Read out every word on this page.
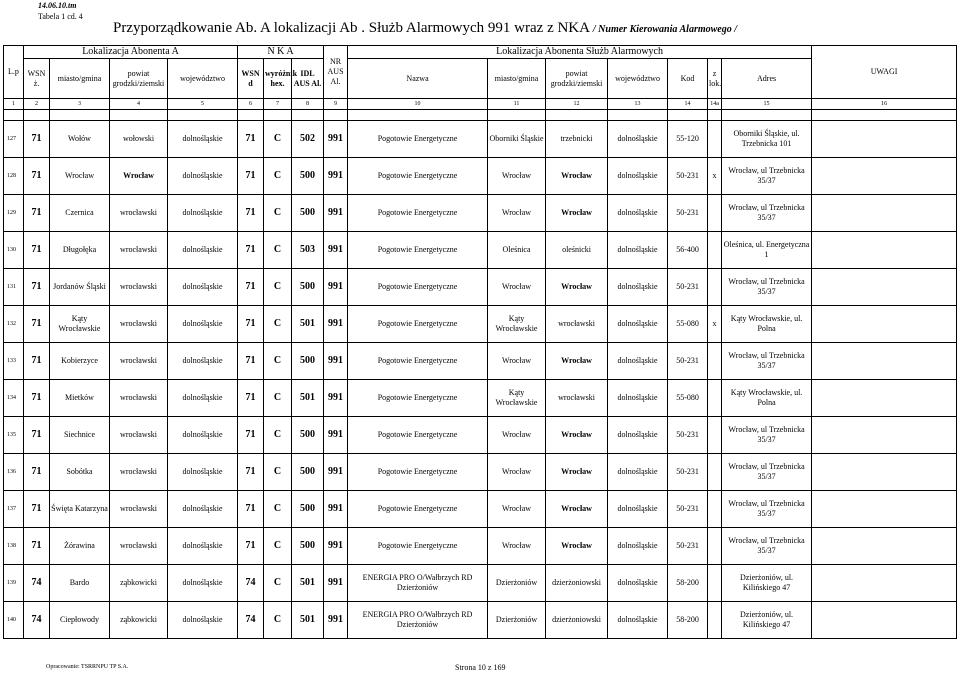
14.06.10.tm
Tabela 1 cd. 4
Przyporządkowanie Ab. A lokalizacji Ab . Służb Alarmowych 991 wraz z NKA / Numer Kierowania Alarmowego /
L.p	Lokalizacja Abonenta A				N K A			NR AUS Al.	Lokalizacja Abonenta Służb Alarmowych							UWAGI
	WSN ż.	miasto/gmina	powiat grodzki/ziemski	województwo	WSN d	wyróżnik hex.	IDL AUS Al.		Nazwa	miasto/gmina	powiat grodzki/ziemski	województwo	Kod	z lok.	Adres	
1	2	3	4	5	6	7	8	9	10	11	12	13	14	14a	15	16

127	71	Wołów	wołowski	dolnośląskie	71	C	502	991	Pogotowie Energetyczne	Oborniki Śląskie	trzebnicki	dolnośląskie	55-120		Oborniki Śląskie, ul. Trzebnicka 101	
128	71	Wrocław	Wrocław	dolnośląskie	71	C	500	991	Pogotowie Energetyczne	Wrocław	Wrocław	dolnośląskie	50-231	x	Wrocław, ul Trzebnicka 35/37	
129	71	Czernica	wrocławski	dolnośląskie	71	C	500	991	Pogotowie Energetyczne	Wrocław	Wrocław	dolnośląskie	50-231		Wrocław, ul Trzebnicka 35/37	
130	71	Długołęka	wrocławski	dolnośląskie	71	C	503	991	Pogotowie Energetyczne	Oleśnica	oleśnicki	dolnośląskie	56-400		Oleśnica, ul. Energetyczna 1	
131	71	Jordanów Śląski	wrocławski	dolnośląskie	71	C	500	991	Pogotowie Energetyczne	Wrocław	Wrocław	dolnośląskie	50-231		Wrocław, ul Trzebnicka 35/37	
132	71	Kąty Wrocławskie	wrocławski	dolnośląskie	71	C	501	991	Pogotowie Energetyczne	Kąty Wrocławskie	wrocławski	dolnośląskie	55-080	x	Kąty Wrocławskie, ul. Polna	
133	71	Kobierzyce	wrocławski	dolnośląskie	71	C	500	991	Pogotowie Energetyczne	Wrocław	Wrocław	dolnośląskie	50-231		Wrocław, ul Trzebnicka 35/37	
134	71	Mietków	wrocławski	dolnośląskie	71	C	501	991	Pogotowie Energetyczne	Kąty Wrocławskie	wrocławski	dolnośląskie	55-080		Kąty Wrocławskie, ul. Polna	
135	71	Siechnice	wrocławski	dolnośląskie	71	C	500	991	Pogotowie Energetyczne	Wrocław	Wrocław	dolnośląskie	50-231		Wrocław, ul Trzebnicka 35/37	
136	71	Sobótka	wrocławski	dolnośląskie	71	C	500	991	Pogotowie Energetyczne	Wrocław	Wrocław	dolnośląskie	50-231		Wrocław, ul Trzebnicka 35/37	
137	71	Święta Katarzyna	wrocławski	dolnośląskie	71	C	500	991	Pogotowie Energetyczne	Wrocław	Wrocław	dolnośląskie	50-231		Wrocław, ul Trzebnicka 35/37	
138	71	Żórawina	wrocławski	dolnośląskie	71	C	500	991	Pogotowie Energetyczne	Wrocław	Wrocław	dolnośląskie	50-231		Wrocław, ul Trzebnicka 35/37	
139	74	Bardo	ząbkowicki	dolnośląskie	74	C	501	991	ENERGIA PRO O/Wałbrzych RD Dzierżoniów	Dzierżoniów	dzierżoniowski	dolnośląskie	58-200		Dzierżoniów, ul. Kilińskiego 47	
140	74	Ciepłowody	ząbkowicki	dolnośląskie	74	C	501	991	ENERGIA PRO O/Wałbrzych RD Dzierżoniów	Dzierżoniów	dzierżoniowski	dolnośląskie	58-200		Dzierżoniów, ul. Kilińskiego 47	
Opracowanie: TSRRNPU TP S.A.	Strona 10 z 169
